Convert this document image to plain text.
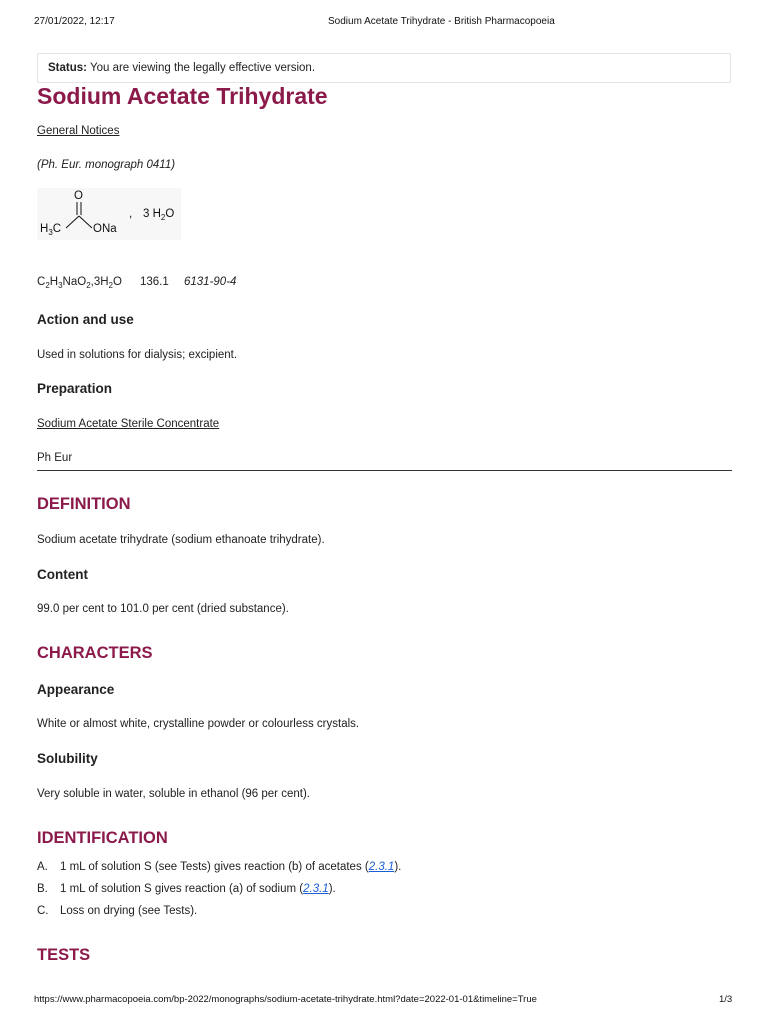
27/01/2022, 12:17	Sodium Acetate Trihydrate - British Pharmacopoeia
Status: You are viewing the legally effective version.
Sodium Acetate Trihydrate
General Notices
(Ph. Eur. monograph 0411)
O
$H_3C$	ONa
, 3 $H_2O$
$C_2H_3NaO_2,3H_2O$ 136.1 6131-90-4
Action and use
Used in solutions for dialysis; excipient.
Preparation
Sodium Acetate Sterile Concentrate
Ph Eur
DEFINITION
Sodium acetate trihydrate (sodium ethanoate trihydrate).
Content
99.0 per cent to 101.0 per cent (dried substance).
CHARACTERS
Appearance
White or almost white, crystalline powder or colourless crystals.
Solubility
Very soluble in water, soluble in ethanol (96 per cent).
IDENTIFICATION
A. 1 mL of solution S (see Tests) gives reaction (b) of acetates (2.3.1).
B. 1 mL of solution S gives reaction (a) of sodium (2.3.1).
C. Loss on drying (see Tests).
TESTS
https://www.pharmacopoeia.com/bp-2022/monographs/sodium-acetate-trihydrate.html?date=2022-01-01&timeline=True	1/3
